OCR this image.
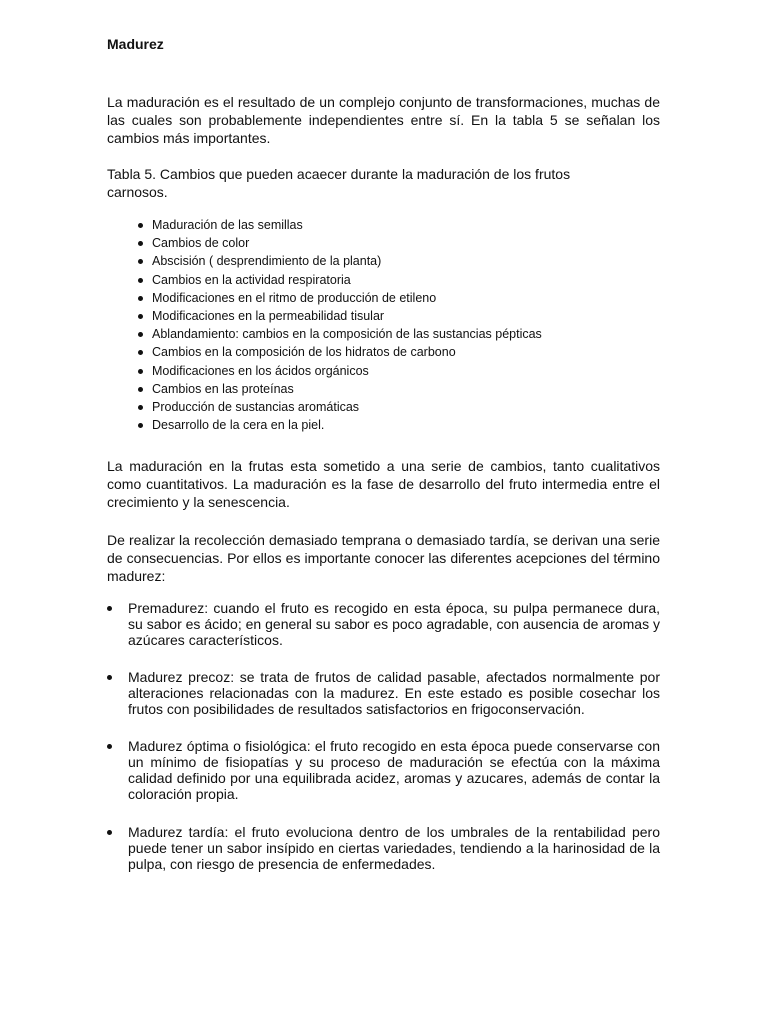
Madurez

La maduración es el resultado de un complejo conjunto de transformaciones, muchas de las cuales son probablemente independientes entre sí. En la tabla 5 se señalan los cambios más importantes.

Tabla 5. Cambios que pueden acaecer durante la maduración de los frutos carnosos.

Maduración de las semillas
Cambios de color
Abscisión ( desprendimiento de la planta)
Cambios en la actividad respiratoria
Modificaciones en el ritmo de producción de etileno
Modificaciones en la permeabilidad tisular
Ablandamiento: cambios en la composición de las sustancias pépticas
Cambios en la composición de los hidratos de carbono
Modificaciones en los ácidos orgánicos
Cambios en las proteínas
Producción de sustancias aromáticas
Desarrollo de la cera en la piel.

La maduración en la frutas esta sometido a una serie de cambios, tanto cualitativos como cuantitativos. La maduración es la fase de desarrollo del fruto intermedia entre el crecimiento y la senescencia.

De realizar la recolección demasiado temprana o demasiado tardía, se derivan una serie de consecuencias. Por ellos es importante conocer las diferentes acepciones del término madurez:

Premadurez: cuando el fruto es recogido en esta época, su pulpa permanece dura, su sabor es ácido; en general su sabor es poco agradable, con ausencia de aromas y azúcares característicos.
Madurez precoz: se trata de frutos de calidad pasable, afectados normalmente por alteraciones relacionadas con la madurez. En este estado es posible cosechar los frutos con posibilidades de resultados satisfactorios en frigoconservación.
Madurez óptima o fisiológica: el fruto recogido en esta época puede conservarse con un mínimo de fisiopatías y su proceso de maduración se efectúa con la máxima calidad definido por una equilibrada acidez, aromas y azucares, además de contar la coloración propia.
Madurez tardía: el fruto evoluciona dentro de los umbrales de la rentabilidad pero puede tener un sabor insípido en ciertas variedades, tendiendo a la harinosidad de la pulpa, con riesgo de presencia de enfermedades.
